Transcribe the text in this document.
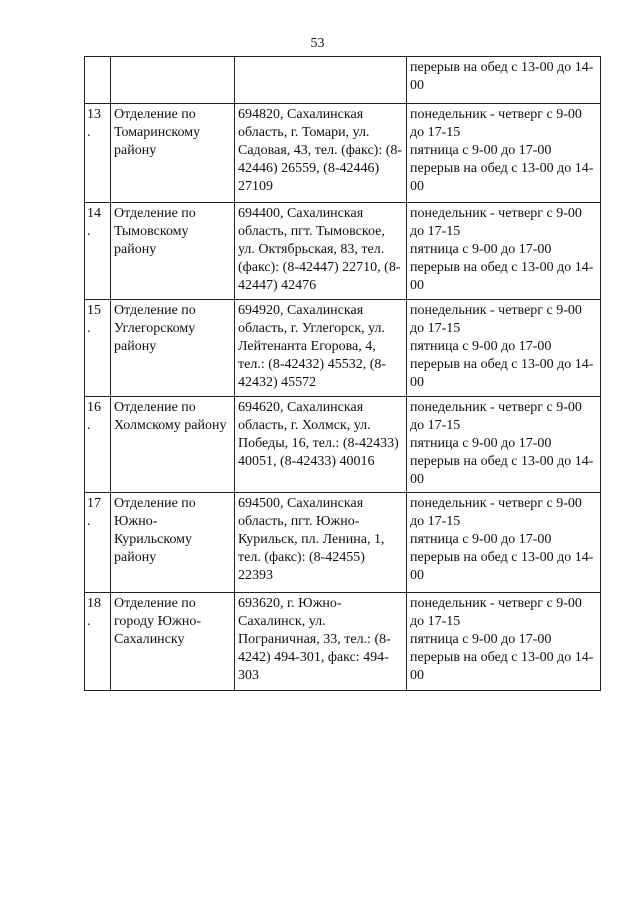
53

			перерыв на обед с 13-00 до 14-00

13
.	Отделение по Томаринскому району	694820, Сахалинская область, г. Томари, ул. Садовая, 43, тел. (факс): (8-42446) 26559, (8-42446) 27109	понедельник - четверг с 9-00 до 17-15
пятница с 9-00 до 17-00
перерыв на обед с 13-00 до 14-00

14
.	Отделение по Тымовскому району	694400, Сахалинская область, пгт. Тымовское, ул. Октябрьская, 83, тел. (факс): (8-42447) 22710, (8-42447) 42476	понедельник - четверг с 9-00 до 17-15
пятница с 9-00 до 17-00
перерыв на обед с 13-00 до 14-00

15
.	Отделение по Углегорскому району	694920, Сахалинская область, г. Углегорск, ул. Лейтенанта Егорова, 4, тел.: (8-42432) 45532, (8-42432) 45572	понедельник - четверг с 9-00 до 17-15
пятница с 9-00 до 17-00
перерыв на обед с 13-00 до 14-00

16
.	Отделение по Холмскому району	694620, Сахалинская область, г. Холмск, ул. Победы, 16, тел.: (8-42433) 40051, (8-42433) 40016	понедельник - четверг с 9-00 до 17-15
пятница с 9-00 до 17-00
перерыв на обед с 13-00 до 14-00

17
.	Отделение по Южно-Курильскому району	694500, Сахалинская область, пгт. Южно-Курильск, пл. Ленина, 1, тел. (факс): (8-42455) 22393	понедельник - четверг с 9-00 до 17-15
пятница с 9-00 до 17-00
перерыв на обед с 13-00 до 14-00

18
.	Отделение по городу Южно-Сахалинску	693620, г. Южно-Сахалинск, ул. Пограничная, 33, тел.: (8-4242) 494-301, факс: 494-303	понедельник - четверг с 9-00 до 17-15
пятница с 9-00 до 17-00
перерыв на обед с 13-00 до 14-00
